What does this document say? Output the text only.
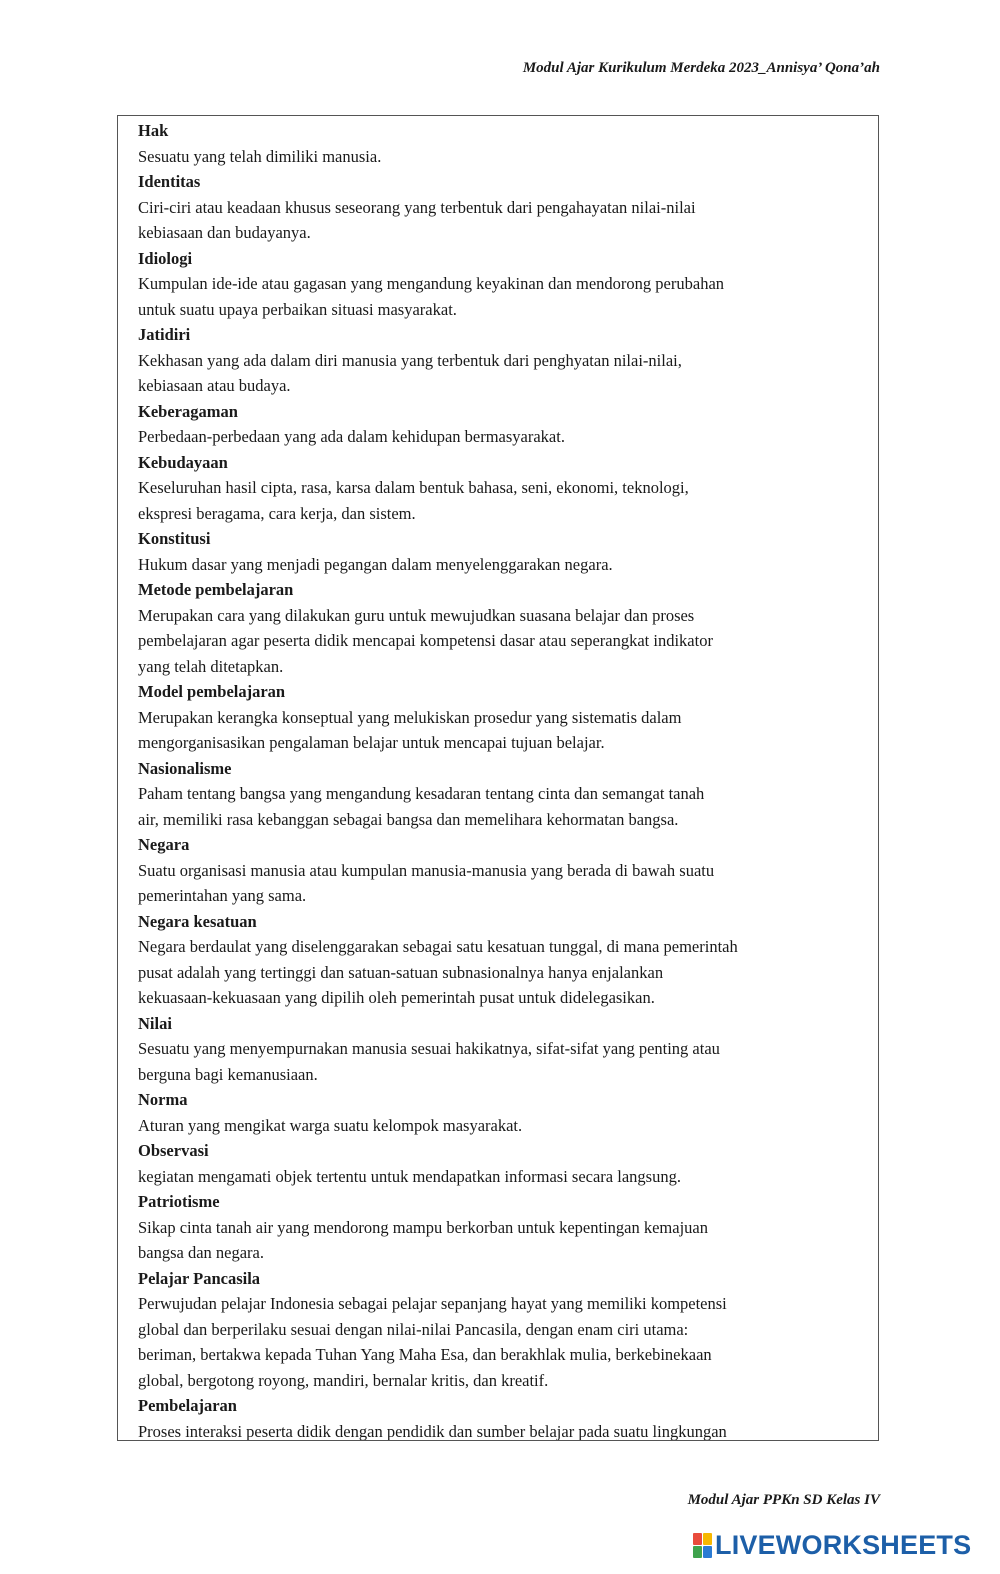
Modul Ajar Kurikulum Merdeka 2023_Annisya’ Qona’ah
Hak
Sesuatu yang telah dimiliki manusia.
Identitas
Ciri-ciri atau keadaan khusus seseorang yang terbentuk dari pengahayatan nilai-nilai
kebiasaan dan budayanya.
Idiologi
Kumpulan ide-ide atau gagasan yang mengandung keyakinan dan mendorong perubahan
untuk suatu upaya perbaikan situasi masyarakat.
Jatidiri
Kekhasan yang ada dalam diri manusia yang terbentuk dari penghyatan nilai-nilai,
kebiasaan atau budaya.
Keberagaman
Perbedaan-perbedaan yang ada dalam kehidupan bermasyarakat.
Kebudayaan
Keseluruhan hasil cipta, rasa, karsa dalam bentuk bahasa, seni, ekonomi, teknologi,
ekspresi beragama, cara kerja, dan sistem.
Konstitusi
Hukum dasar yang menjadi pegangan dalam menyelenggarakan negara.
Metode pembelajaran
Merupakan cara yang dilakukan guru untuk mewujudkan suasana belajar dan proses
pembelajaran agar peserta didik mencapai kompetensi dasar atau seperangkat indikator
yang telah ditetapkan.
Model pembelajaran
Merupakan kerangka konseptual yang melukiskan prosedur yang sistematis dalam
mengorganisasikan pengalaman belajar untuk mencapai tujuan belajar.
Nasionalisme
Paham tentang bangsa yang mengandung kesadaran tentang cinta dan semangat tanah
air, memiliki rasa kebanggan sebagai bangsa dan memelihara kehormatan bangsa.
Negara
Suatu organisasi manusia atau kumpulan manusia-manusia yang berada di bawah suatu
pemerintahan yang sama.
Negara kesatuan
Negara berdaulat yang diselenggarakan sebagai satu kesatuan tunggal, di mana pemerintah
pusat adalah yang tertinggi dan satuan-satuan subnasionalnya hanya enjalankan
kekuasaan-kekuasaan yang dipilih oleh pemerintah pusat untuk didelegasikan.
Nilai
Sesuatu yang menyempurnakan manusia sesuai hakikatnya, sifat-sifat yang penting atau
berguna bagi kemanusiaan.
Norma
Aturan yang mengikat warga suatu kelompok masyarakat.
Observasi
kegiatan mengamati objek tertentu untuk mendapatkan informasi secara langsung.
Patriotisme
Sikap cinta tanah air yang mendorong mampu berkorban untuk kepentingan kemajuan
bangsa dan negara.
Pelajar Pancasila
Perwujudan pelajar Indonesia sebagai pelajar sepanjang hayat yang memiliki kompetensi
global dan berperilaku sesuai dengan nilai-nilai Pancasila, dengan enam ciri utama:
beriman, bertakwa kepada Tuhan Yang Maha Esa, dan berakhlak mulia, berkebinekaan
global, bergotong royong, mandiri, bernalar kritis, dan kreatif.
Pembelajaran
Proses interaksi peserta didik dengan pendidik dan sumber belajar pada suatu lingkungan
Modul Ajar PPKn SD Kelas IV
LIVEWORKSHEETS
